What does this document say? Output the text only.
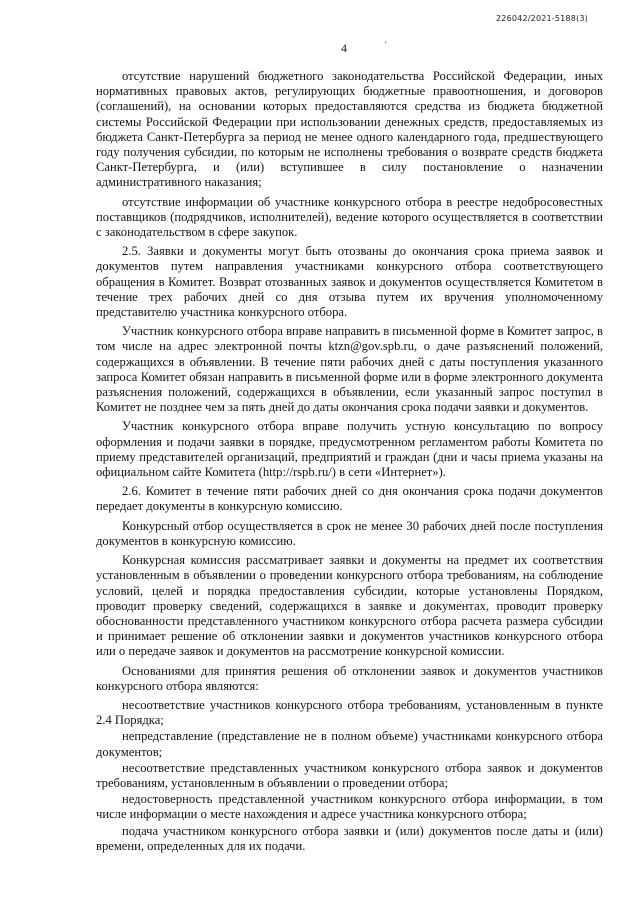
226042/2021-5188(3)
4	'

отсутствие нарушений бюджетного законодательства Российской Федерации, иных нормативных правовых актов, регулирующих бюджетные правоотношения, и договоров (соглашений), на основании которых предоставляются средства из бюджета бюджетной системы Российской Федерации при использовании денежных средств, предоставляемых из бюджета Санкт-Петербурга за период не менее одного календарного года, предшествующего году получения субсидии, по которым не исполнены требования о возврате средств бюджета Санкт-Петербурга, и (или) вступившее в силу постановление о назначении административного наказания;

отсутствие информации об участнике конкурсного отбора в реестре недобросовестных поставщиков (подрядчиков, исполнителей), ведение которого осуществляется в соответствии с законодательством в сфере закупок.

2.5. Заявки и документы могут быть отозваны до окончания срока приема заявок и документов путем направления участниками конкурсного отбора соответствующего обращения в Комитет. Возврат отозванных заявок и документов осуществляется Комитетом в течение трех рабочих дней со дня отзыва путем их вручения уполномоченному представителю участника конкурсного отбора.

Участник конкурсного отбора вправе направить в письменной форме в Комитет запрос, в том числе на адрес электронной почты ktzn@gov.spb.ru, о даче разъяснений положений, содержащихся в объявлении. В течение пяти рабочих дней с даты поступления указанного запроса Комитет обязан направить в письменной форме или в форме электронного документа разъяснения положений, содержащихся в объявлении, если указанный запрос поступил в Комитет не позднее чем за пять дней до даты окончания срока подачи заявки и документов.

Участник конкурсного отбора вправе получить устную консультацию по вопросу оформления и подачи заявки в порядке, предусмотренном регламентом работы Комитета по приему представителей организаций, предприятий и граждан (дни и часы приема указаны на официальном сайте Комитета (http://rspb.ru/) в сети «Интернет»).

2.6. Комитет в течение пяти рабочих дней со дня окончания срока подачи документов передает документы в конкурсную комиссию.

Конкурсный отбор осуществляется в срок не менее 30 рабочих дней после поступления документов в конкурсную комиссию.

Конкурсная комиссия рассматривает заявки и документы на предмет их соответствия установленным в объявлении о проведении конкурсного отбора требованиям, на соблюдение условий, целей и порядка предоставления субсидии, которые установлены Порядком, проводит проверку сведений, содержащихся в заявке и документах, проводит проверку обоснованности представленного участником конкурсного отбора расчета размера субсидии и принимает решение об отклонении заявки и документов участников конкурсного отбора или о передаче заявок и документов на рассмотрение конкурсной комиссии.

Основаниями для принятия решения об отклонении заявок и документов участников конкурсного отбора являются:

несоответствие участников конкурсного отбора требованиям, установленным в пункте 2.4 Порядка;

непредставление (представление не в полном объеме) участниками конкурсного отбора документов;

несоответствие представленных участником конкурсного отбора заявок и документов требованиям, установленным в объявлении о проведении отбора;

недостоверность представленной участником конкурсного отбора информации, в том числе информации о месте нахождения и адресе участника конкурсного отбора;

подача участником конкурсного отбора заявки и (или) документов после даты и (или) времени, определенных для их подачи.
